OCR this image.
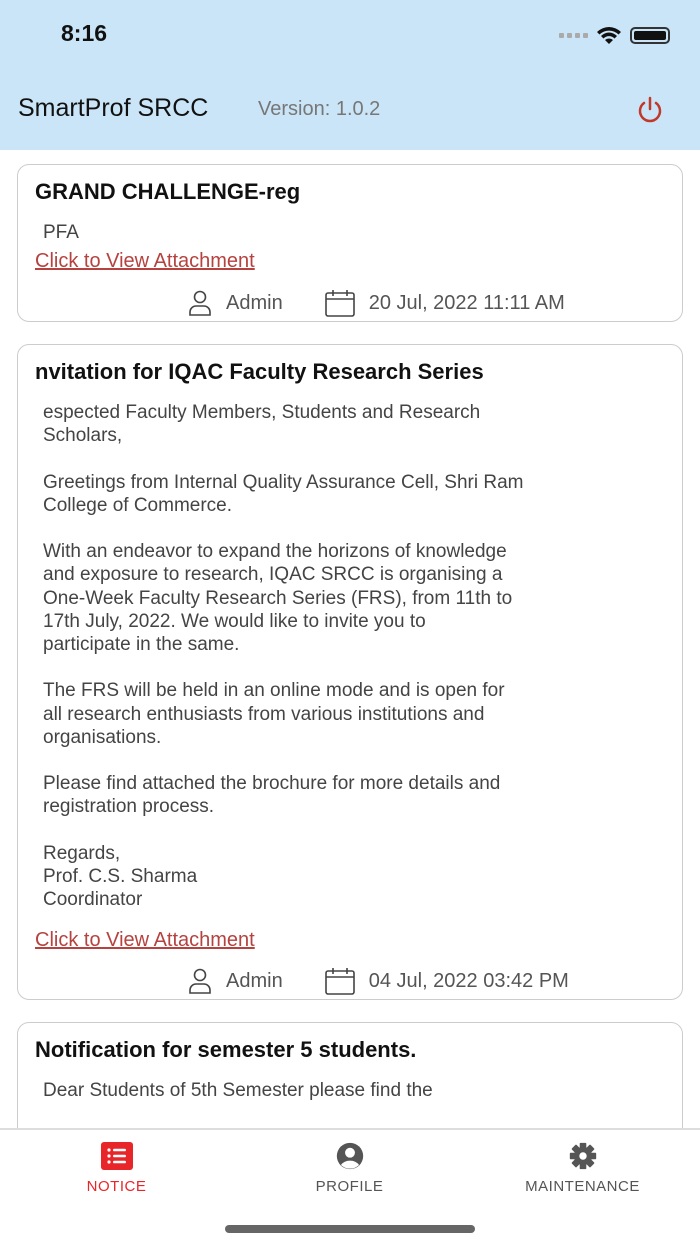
8:16
SmartProf SRCC Version: 1.0.2
GRAND CHALLENGE-reg
PFA
Click to View Attachment
Admin	20 Jul, 2022 11:11 AM
nvitation for IQAC Faculty Research Series
espected Faculty Members, Students and Research
Scholars,

Greetings from Internal Quality Assurance Cell, Shri Ram
College of Commerce.

With an endeavor to expand the horizons of knowledge
and exposure to research, IQAC SRCC is organising a
One-Week Faculty Research Series (FRS), from 11th to
17th July, 2022. We would like to invite you to
participate in the same.

The FRS will be held in an online mode and is open for
all research enthusiasts from various institutions and
organisations.

Please find attached the brochure for more details and
registration process.

Regards,
Prof. C.S. Sharma
Coordinator
Click to View Attachment
Admin	04 Jul, 2022 03:42 PM
Notification for semester 5 students.
Dear Students of 5th Semester please find the
NOTICE	PROFILE	MAINTENANCE
